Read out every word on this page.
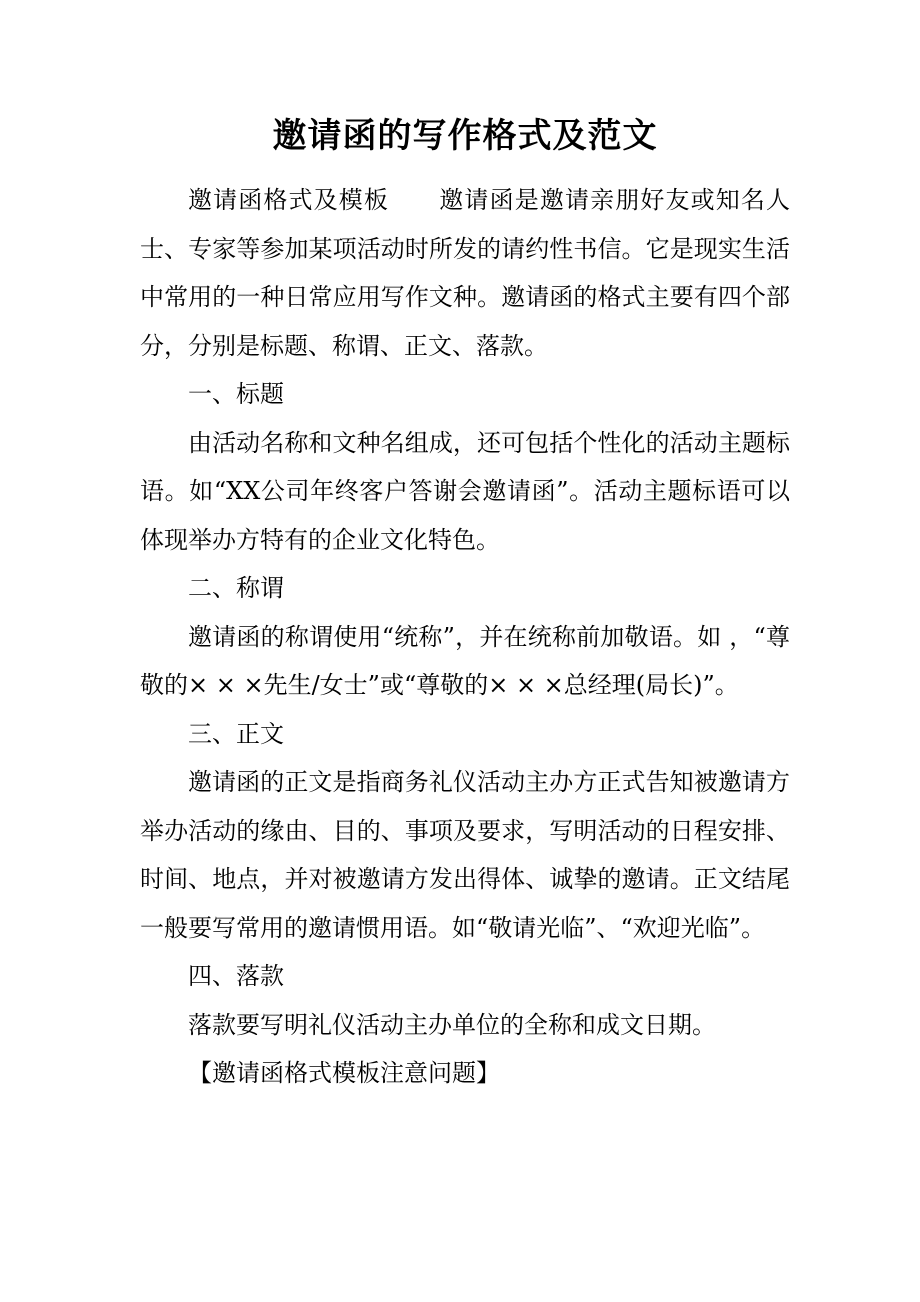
邀请函的写作格式及范文

邀请函格式及模板　　邀请函是邀请亲朋好友或知名人士、专家等参加某项活动时所发的请约性书信。它是现实生活中常用的一种日常应用写作文种。邀请函的格式主要有四个部分，分别是标题、称谓、正文、落款。

一、标题

由活动名称和文种名组成，还可包括个性化的活动主题标语。如“XX公司年终客户答谢会邀请函”。活动主题标语可以体现举办方特有的企业文化特色。

二、称谓

邀请函的称谓使用“统称”，并在统称前加敬语。如 ，“尊敬的× × ×先生/女士”或“尊敬的× × ×总经理(局长)”。

三、正文

邀请函的正文是指商务礼仪活动主办方正式告知被邀请方举办活动的缘由、目的、事项及要求，写明活动的日程安排、时间、地点，并对被邀请方发出得体、诚挚的邀请。正文结尾一般要写常用的邀请惯用语。如“敬请光临”、“欢迎光临”。

四、落款

落款要写明礼仪活动主办单位的全称和成文日期。

【邀请函格式模板注意问题】
